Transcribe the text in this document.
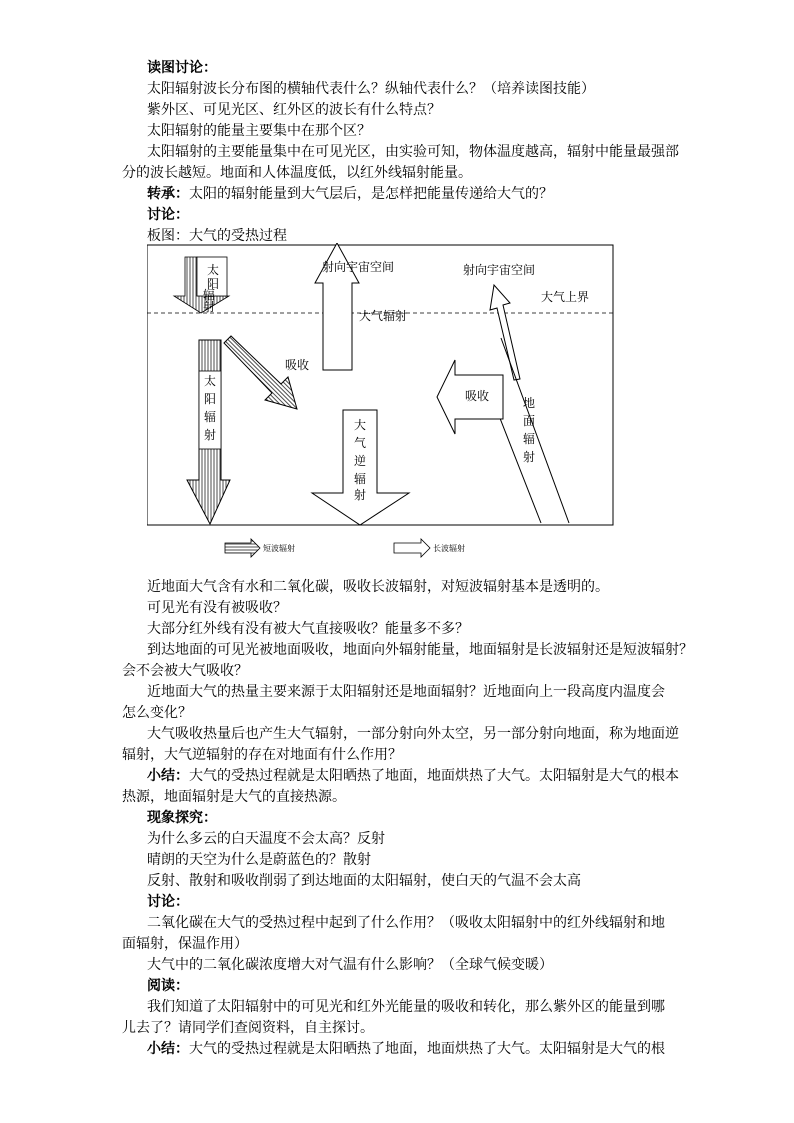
读图讨论：
太阳辐射波长分布图的横轴代表什么？纵轴代表什么？（培养读图技能）
紫外区、可见光区、红外区的波长有什么特点？
太阳辐射的能量主要集中在那个区？
太阳辐射的主要能量集中在可见光区，由实验可知，物体温度越高，辐射中能量最强部
分的波长越短。地面和人体温度低，以红外线辐射能量。
转承：太阳的辐射能量到大气层后，是怎样把能量传递给大气的？
讨论：
板图：大气的受热过程
太
阳
辐
射
射向宇宙空间
大气辐射
射向宇宙空间
大气上界
地
面
辐
射
吸收
太
阳
辐
射
吸收
大
气
逆
辐
射
短波辐射	长波辐射
近地面大气含有水和二氧化碳，吸收长波辐射，对短波辐射基本是透明的。
可见光有没有被吸收？
大部分红外线有没有被大气直接吸收？能量多不多？
到达地面的可见光被地面吸收，地面向外辐射能量，地面辐射是长波辐射还是短波辐射？
会不会被大气吸收？
近地面大气的热量主要来源于太阳辐射还是地面辐射？近地面向上一段高度内温度会
怎么变化？
大气吸收热量后也产生大气辐射，一部分射向外太空，另一部分射向地面，称为地面逆
辐射，大气逆辐射的存在对地面有什么作用？
小结：大气的受热过程就是太阳晒热了地面，地面烘热了大气。太阳辐射是大气的根本
热源，地面辐射是大气的直接热源。
现象探究：
为什么多云的白天温度不会太高？反射
晴朗的天空为什么是蔚蓝色的？散射
反射、散射和吸收削弱了到达地面的太阳辐射，使白天的气温不会太高
讨论：
二氧化碳在大气的受热过程中起到了什么作用？（吸收太阳辐射中的红外线辐射和地
面辐射，保温作用）
大气中的二氧化碳浓度增大对气温有什么影响？（全球气候变暖）
阅读：
我们知道了太阳辐射中的可见光和红外光能量的吸收和转化，那么紫外区的能量到哪
儿去了？请同学们查阅资料，自主探讨。
小结：大气的受热过程就是太阳晒热了地面，地面烘热了大气。太阳辐射是大气的根
